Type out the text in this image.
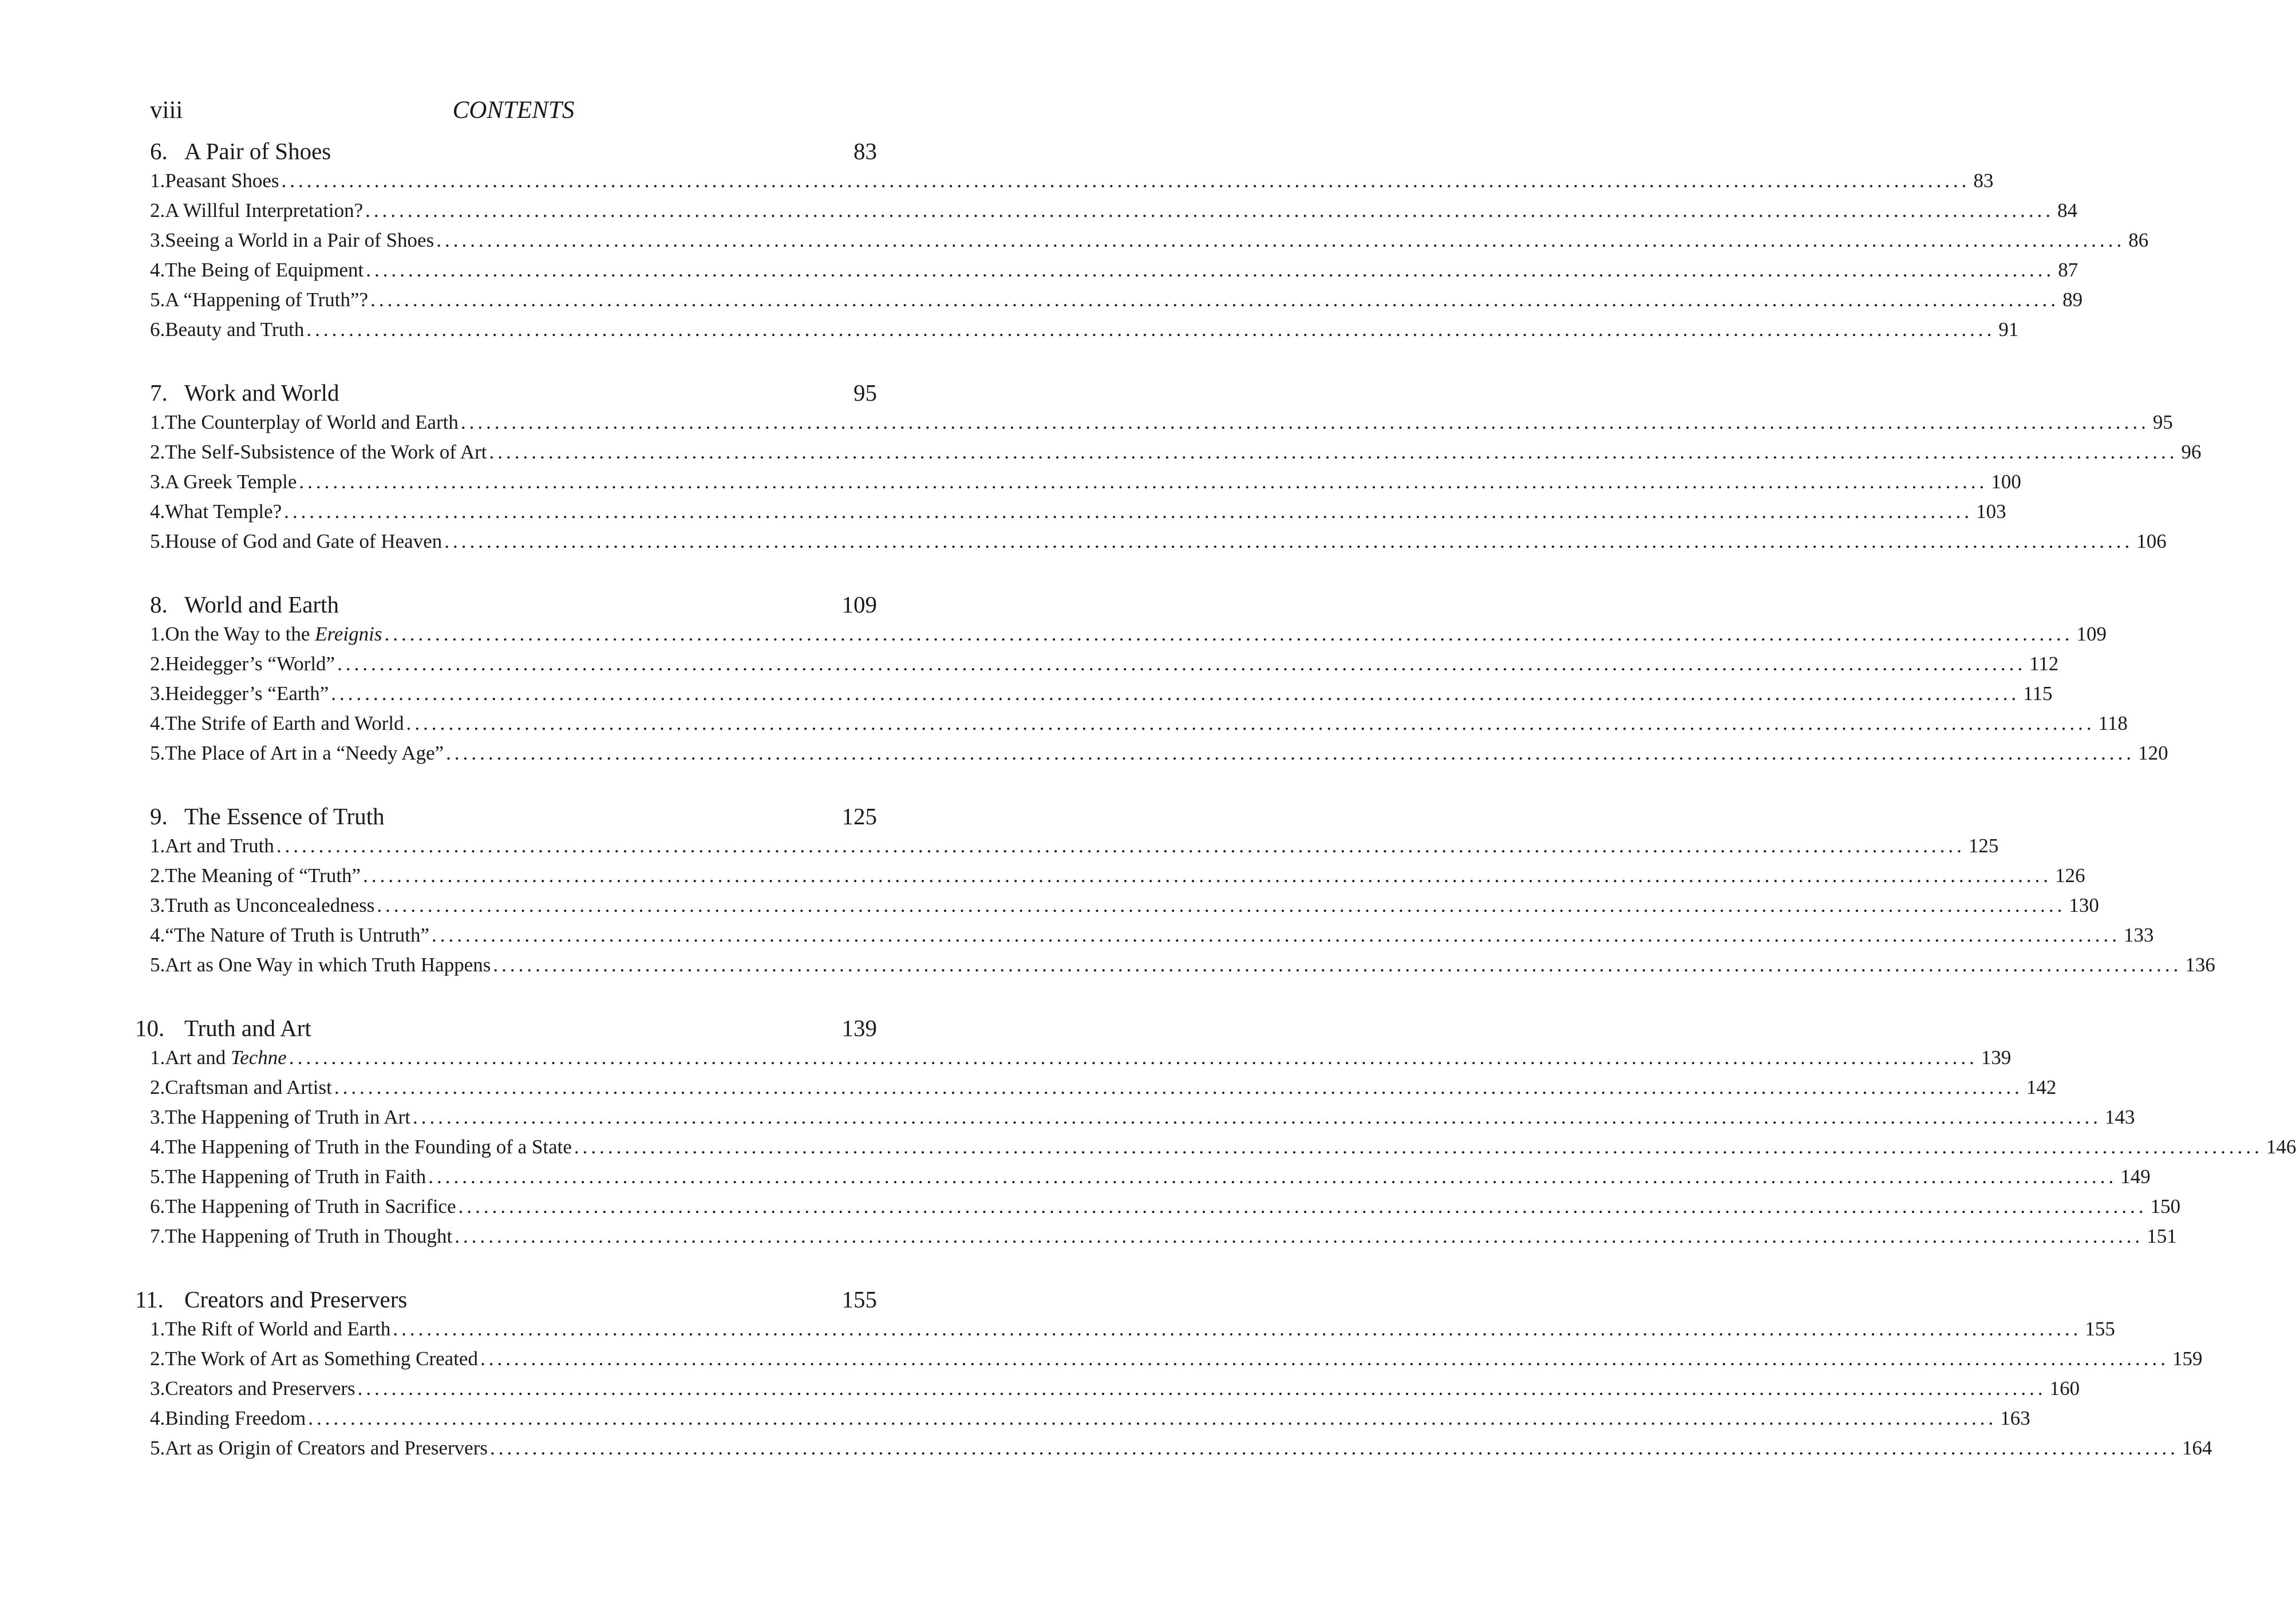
viii	CONTENTS
6. A Pair of Shoes	83
1. Peasant Shoes ........................................................................................................................................................................................................ 83
2. A Willful Interpretation? ........................................................................................................................................................................................................ 84
3. Seeing a World in a Pair of Shoes ........................................................................................................................................................................................................ 86
4. The Being of Equipment ........................................................................................................................................................................................................ 87
5. A “Happening of Truth”? ........................................................................................................................................................................................................ 89
6. Beauty and Truth ........................................................................................................................................................................................................ 91
7. Work and World	95
1. The Counterplay of World and Earth ........................................................................................................................................................................................................ 95
2. The Self-Subsistence of the Work of Art ........................................................................................................................................................................................................ 96
3. A Greek Temple ........................................................................................................................................................................................................ 100
4. What Temple? ........................................................................................................................................................................................................ 103
5. House of God and Gate of Heaven ........................................................................................................................................................................................................ 106
8. World and Earth	109
1. On the Way to the Ereignis ........................................................................................................................................................................................................ 109
2. Heidegger’s “World” ........................................................................................................................................................................................................ 112
3. Heidegger’s “Earth” ........................................................................................................................................................................................................ 115
4. The Strife of Earth and World ........................................................................................................................................................................................................ 118
5. The Place of Art in a “Needy Age” ........................................................................................................................................................................................................ 120
9. The Essence of Truth	125
1. Art and Truth ........................................................................................................................................................................................................ 125
2. The Meaning of “Truth” ........................................................................................................................................................................................................ 126
3. Truth as Unconcealedness ........................................................................................................................................................................................................ 130
4. “The Nature of Truth is Untruth” ........................................................................................................................................................................................................ 133
5. Art as One Way in which Truth Happens ........................................................................................................................................................................................................ 136
10. Truth and Art	139
1. Art and Techne ........................................................................................................................................................................................................ 139
2. Craftsman and Artist ........................................................................................................................................................................................................ 142
3. The Happening of Truth in Art ........................................................................................................................................................................................................ 143
4. The Happening of Truth in the Founding of a State ........................................................................................................................................................................................................ 146
5. The Happening of Truth in Faith ........................................................................................................................................................................................................ 149
6. The Happening of Truth in Sacrifice ........................................................................................................................................................................................................ 150
7. The Happening of Truth in Thought ........................................................................................................................................................................................................ 151
11. Creators and Preservers	155
1. The Rift of World and Earth ........................................................................................................................................................................................................ 155
2. The Work of Art as Something Created ........................................................................................................................................................................................................ 159
3. Creators and Preservers ........................................................................................................................................................................................................ 160
4. Binding Freedom ........................................................................................................................................................................................................ 163
5. Art as Origin of Creators and Preservers ........................................................................................................................................................................................................ 164
